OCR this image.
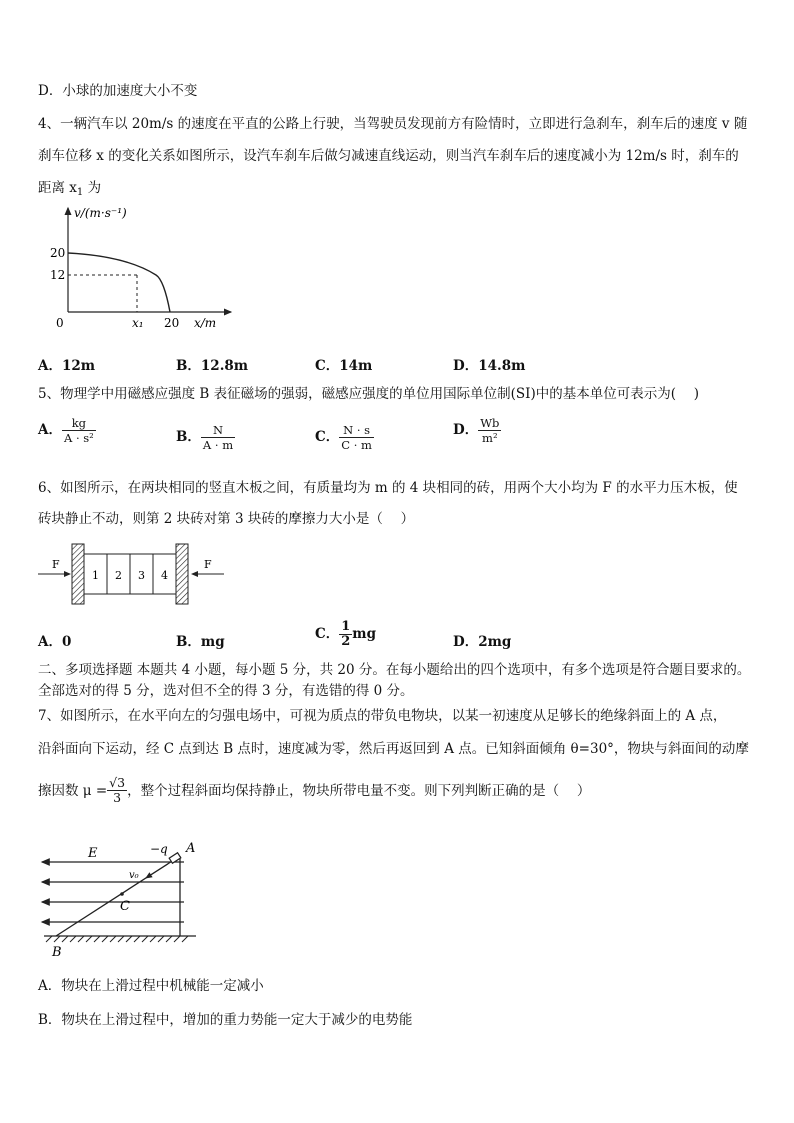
D．小球的加速度大小不变
4、一辆汽车以 20m/s 的速度在平直的公路上行驶，当驾驶员发现前方有险情时，立即进行急刹车，刹车后的速度 v 随
刹车位移 x 的变化关系如图所示，设汽车刹车后做匀减速直线运动，则当汽车刹车后的速度减小为 12m/s 时，刹车的
距离 $x_1$ 为
v/(m·s⁻¹)
x/m
20
12
0	x₁ 20
A．12m	B．12.8m	C．14m	D．14.8m
5、物理学中用磁感应强度 B 表征磁场的强弱，磁感应强度的单位用国际单位制(SI)中的基本单位可表示为(　 )
A． $\frac{kg}{\text{A · s²}}$	B． $\frac{N}{A \cdot m}$	C． $\frac{N \cdot s}{C \cdot m}$	D． $\frac{Wb}{\text{m²}}$
6、如图所示，在两块相同的竖直木板之间，有质量均为 m 的 4 块相同的砖，用两个大小均为 F 的水平力压木板，使
砖块静止不动，则第 2 块砖对第 3 块砖的摩擦力大小是（　 ）
F
1 2 3 4
F
A．0	B．mg	C． $\frac{1}{2}$ mg	D．2mg
二、多项选择题 本题共 4 小题，每小题 5 分，共 20 分。在每小题给出的四个选项中，有多个选项是符合题目要求的。
全部选对的得 5 分，选对但不全的得 3 分，有选错的得 0 分。
7、如图所示，在水平向左的匀强电场中，可视为质点的带负电物块，以某一初速度从足够长的绝缘斜面上的 A 点，
沿斜面向下运动，经 C 点到达 B 点时，速度减为零，然后再返回到 A 点。已知斜面倾角 θ=30°，物块与斜面间的动摩
擦因数 $\mu = \frac{√3}{3}$ ，整个过程斜面均保持静止，物块所带电量不变。则下列判断正确的是（　 ）
E	−q A
v₀
C
B
A．物块在上滑过程中机械能一定减小
B．物块在上滑过程中，增加的重力势能一定大于减少的电势能
